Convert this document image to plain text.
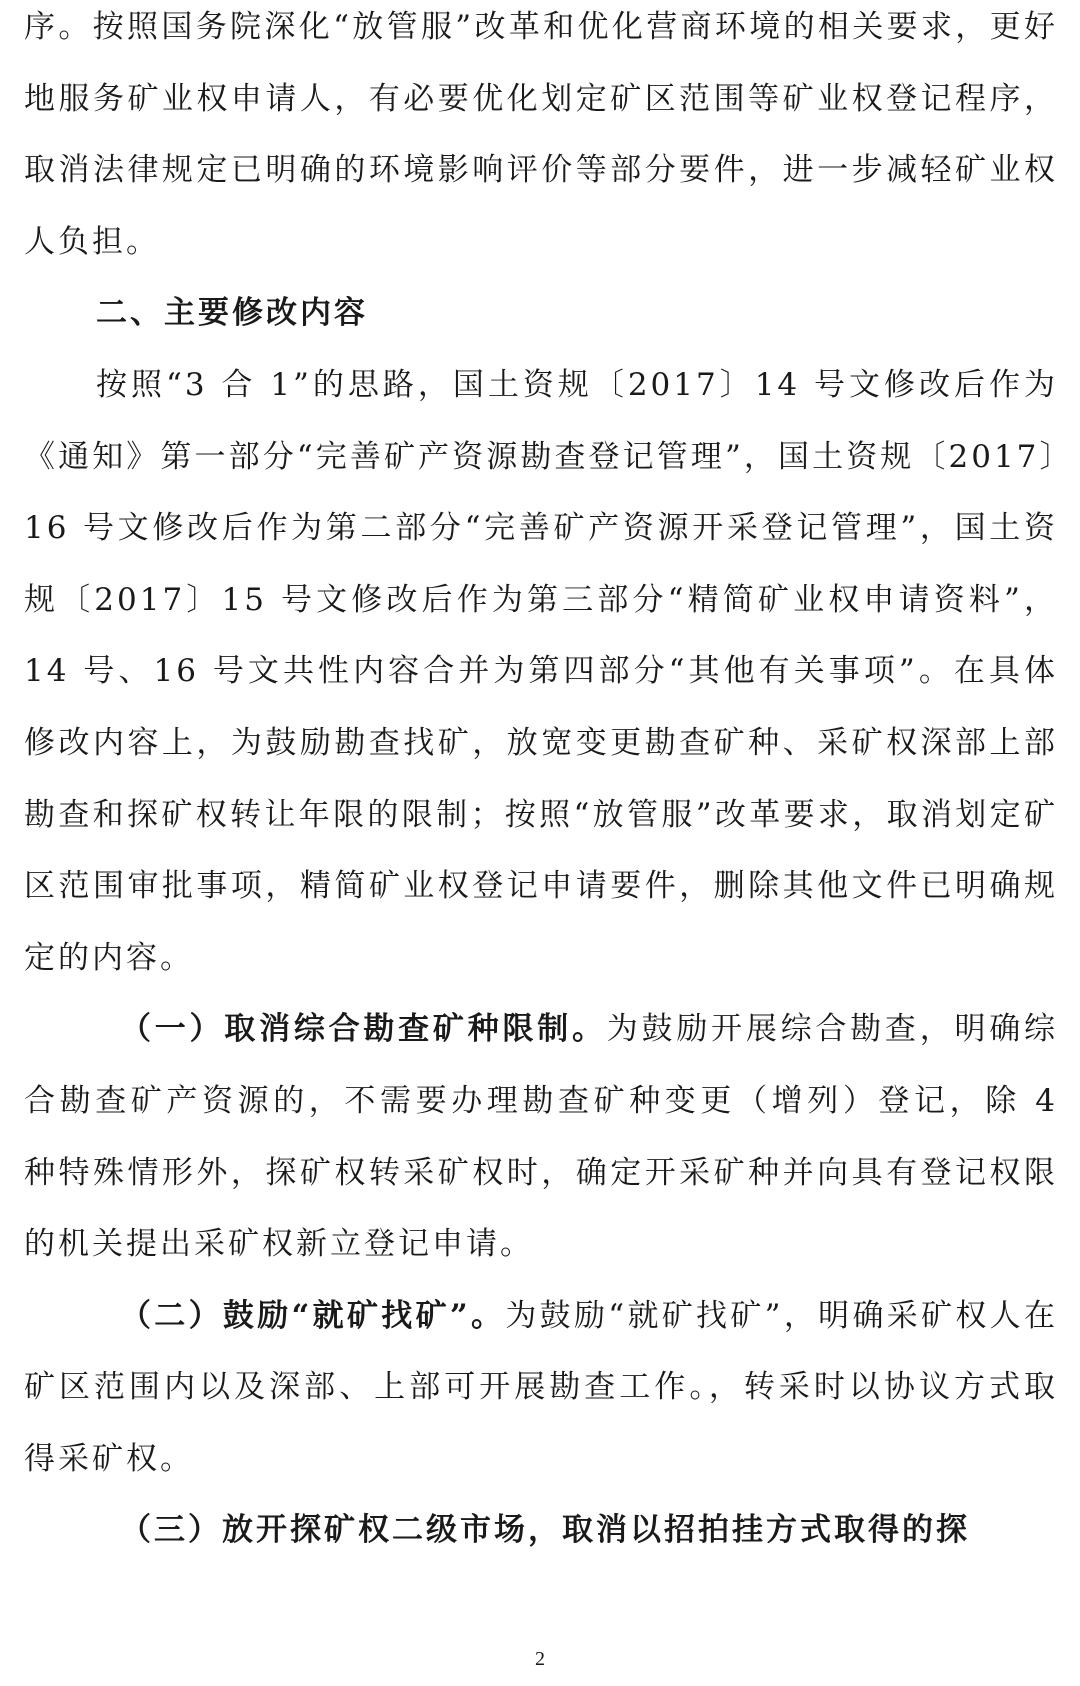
序。按照国务院深化“放管服”改革和优化营商环境的相关要求，更好地服务矿业权申请人，有必要优化划定矿区范围等矿业权登记程序，取消法律规定已明确的环境影响评价等部分要件，进一步减轻矿业权人负担。

二、主要修改内容

按照“3 合 1”的思路，国土资规〔2017〕14 号文修改后作为《通知》第一部分“完善矿产资源勘查登记管理”，国土资规〔2017〕16 号文修改后作为第二部分“完善矿产资源开采登记管理”，国土资规〔2017〕15 号文修改后作为第三部分“精简矿业权申请资料”，14 号、16 号文共性内容合并为第四部分“其他有关事项”。在具体修改内容上，为鼓励勘查找矿，放宽变更勘查矿种、采矿权深部上部勘查和探矿权转让年限的限制；按照“放管服”改革要求，取消划定矿区范围审批事项，精简矿业权登记申请要件，删除其他文件已明确规定的内容。

（一）取消综合勘查矿种限制。为鼓励开展综合勘查，明确综合勘查矿产资源的，不需要办理勘查矿种变更（增列）登记，除 4 种特殊情形外，探矿权转采矿权时，确定开采矿种并向具有登记权限的机关提出采矿权新立登记申请。

（二）鼓励“就矿找矿”。为鼓励“就矿找矿”，明确采矿权人在矿区范围内以及深部、上部可开展勘查工作。，转采时以协议方式取得采矿权。

（三）放开探矿权二级市场，取消以招拍挂方式取得的探

2
